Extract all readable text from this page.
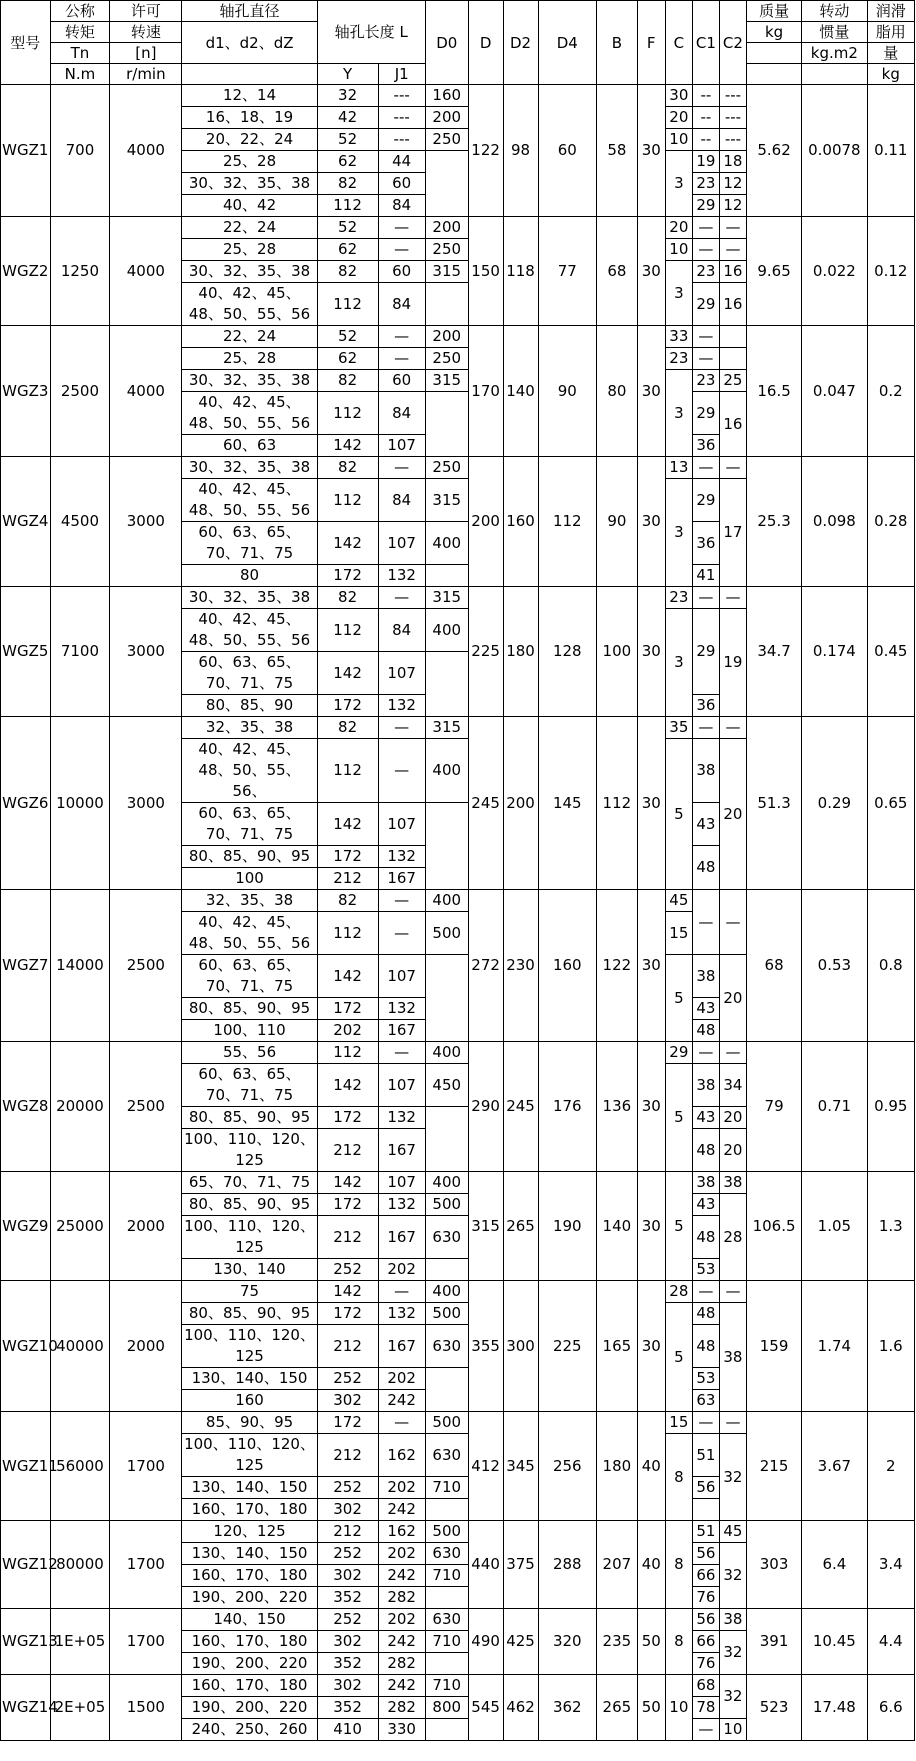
型号	公称	许可	轴孔直径	轴孔长度 L		D0	D	D2	D4	B	F	C	C1	C2	质量	转动	润滑
	转矩	转速	d1、d2、dZ												kg	惯量	脂用
	Tn	[n]														kg.m2	量
	N.m	r/min		Y	J1												kg
WGZ1	700	4000	12、14	32	---	160	122	98	60	58	30	30	--	---	5.62	0.0078	0.11
			16、18、19	42	---	200						20	--	---			
			20、22、24	52	---	250						10	--	---			
			25、28	62	44							3	19	18			
			30、32、35、38	82	60								23	12			
			40、42	112	84								29	12			
WGZ2	1250	4000	22、24	52	—	200	150	118	77	68	30	20	—	—	9.65	0.022	0.12
			25、28	62	—	250						10	—	—			
			30、32、35、38	82	60	315						3	23	16			
			40、42、45、48、50、55、56	112	84								29	16			
WGZ3	2500	4000	22、24	52	—	200	170	140	90	80	30	33	—		16.5	0.047	0.2
			25、28	62	—	250						23	—				
			30、32、35、38	82	60	315						3	23	25			
			40、42、45、48、50、55、56	112	84								29	16			
			60、63	142	107								36				
WGZ4	4500	3000	30、32、35、38	82	—	250	200	160	112	90	30	13	—	—	25.3	0.098	0.28
			40、42、45、48、50、55、56	112	84	315						3	29	17			
			60、63、65、70、71、75	142	107	400							36				
			80	172	132								41				
WGZ5	7100	3000	30、32、35、38	82	—	315	225	180	128	100	30	23	—	—	34.7	0.174	0.45
			40、42、45、48、50、55、56	112	84	400						3	29	19			
			60、63、65、70、71、75	142	107												
			80、85、90	172	132								36				
WGZ6	10000	3000	32、35、38	82	—	315	245	200	145	112	30	35	—	—	51.3	0.29	0.65
			40、42、45、48、50、55、56、	112	—	400						5	38	20			
			60、63、65、70、71、75	142	107								43				
			80、85、90、95	172	132								48				
			100	212	167												
WGZ7	14000	2500	32、35、38	82	—	400	272	230	160	122	30	45	—	—	68	0.53	0.8
			40、42、45、48、50、55、56	112	—	500						15					
			60、63、65、70、71、75	142	107							5	38	20			
			80、85、90、95	172	132								43				
			100、110	202	167								48				
WGZ8	20000	2500	55、56	112	—	400	290	245	176	136	30	29	—	—	79	0.71	0.95
			60、63、65、70、71、75	142	107	450						5	38	34			
			80、85、90、95	172	132								43	20			
			100、110、120、125	212	167								48	20			
WGZ9	25000	2000	65、70、71、75	142	107	400	315	265	190	140	30	5	38	38	106.5	1.05	1.3
			80、85、90、95	172	132	500							43	28			
			100、110、120、125	212	167	630							48				
			130、140	252	202								53				
WGZ10	40000	2000	75	142	—	400	355	300	225	165	30	28	—	—	159	1.74	1.6
			80、85、90、95	172	132	500						5	48	38			
			100、110、120、125	212	167	630							48				
			130、140、150	252	202								53				
			160	302	242								63				
WGZ11	56000	1700	85、90、95	172	—	500	412	345	256	180	40	15	—	—	215	3.67	2
			100、110、120、125	212	162	630						8	51	32			
			130、140、150	252	202	710							56				
			160、170、180	302	242												
WGZ12	80000	1700	120、125	212	162	500	440	375	288	207	40	8	51	45	303	6.4	3.4
			130、140、150	252	202	630							56	32			
			160、170、180	302	242	710							66				
			190、200、220	352	282								76				
WGZ13	1E+05	1700	140、150	252	202	630	490	425	320	235	50	8	56	38	391	10.45	4.4
			160、170、180	302	242	710							66	32			
			190、200、220	352	282								76				
WGZ14	2E+05	1500	160、170、180	302	242	710	545	462	362	265	50	10	68	32	523	17.48	6.6
			190、200、220	352	282	800							78				
			240、250、260	410	330								—	10			
